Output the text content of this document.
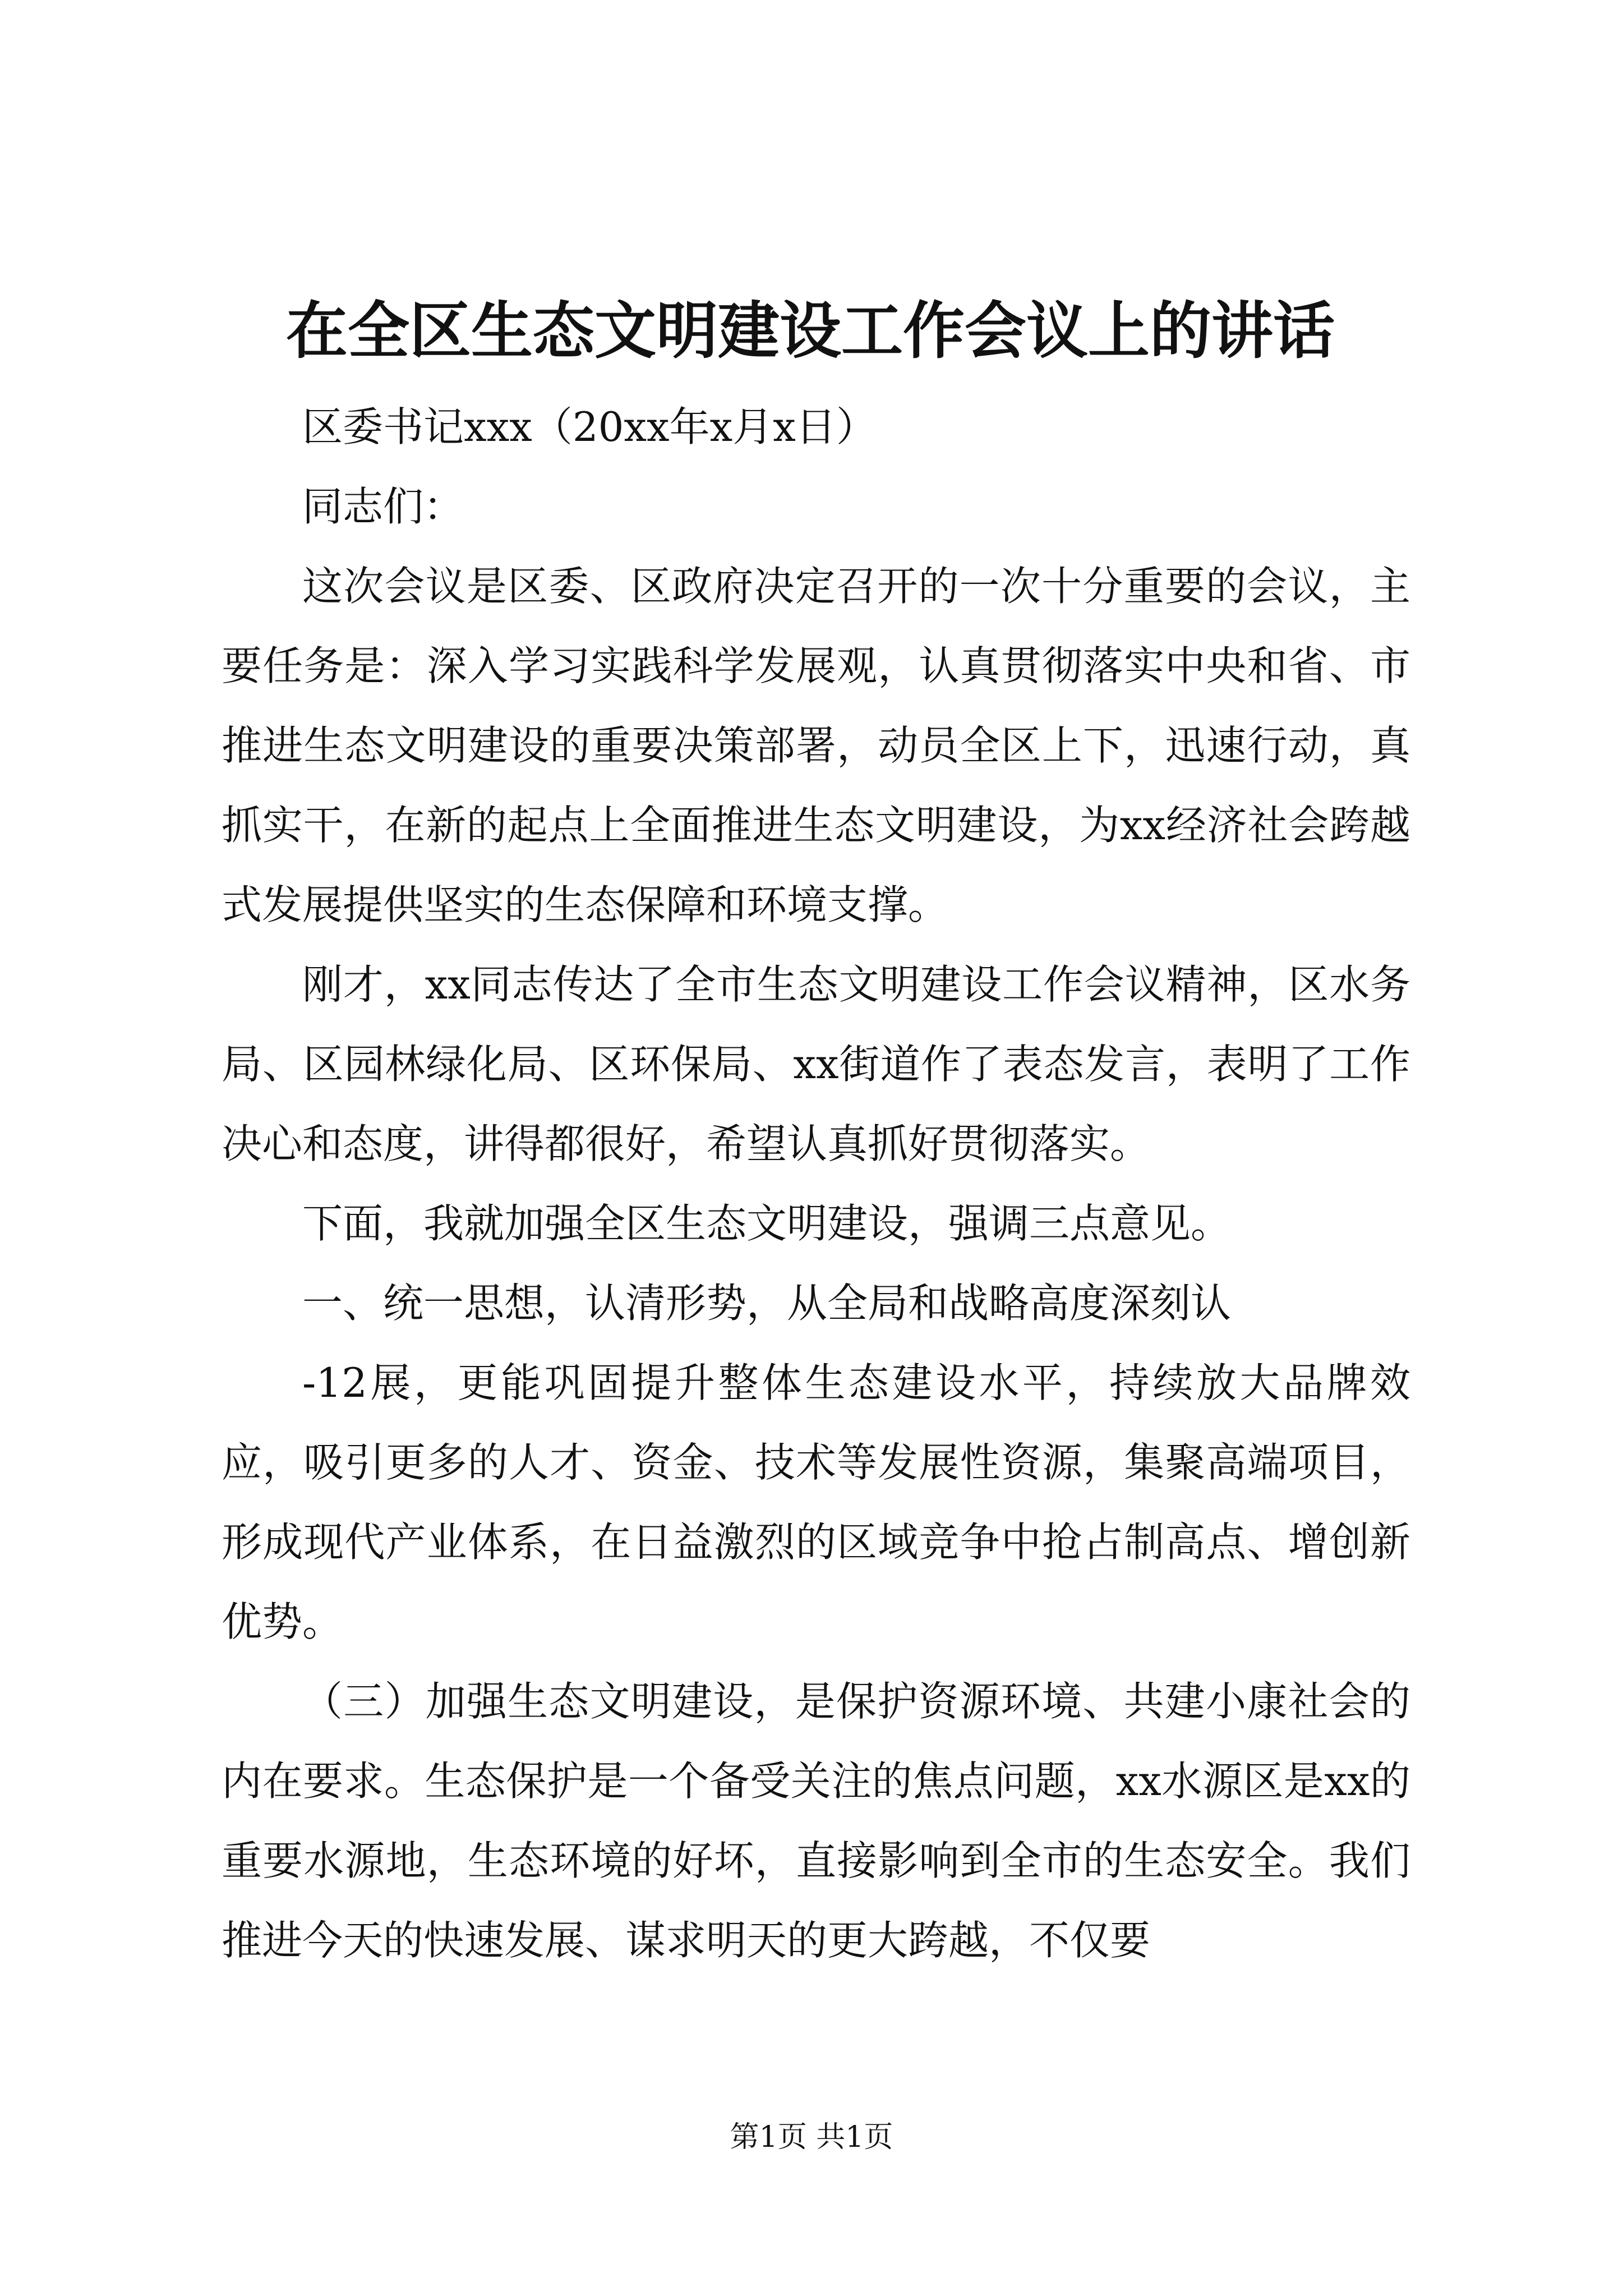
在全区生态文明建设工作会议上的讲话

区委书记xxx（20xx年x月x日）

同志们：

这次会议是区委、区政府决定召开的一次十分重要的会议，主要任务是：深入学习实践科学发展观，认真贯彻落实中央和省、市推进生态文明建设的重要决策部署，动员全区上下，迅速行动，真抓实干，在新的起点上全面推进生态文明建设，为xx经济社会跨越式发展提供坚实的生态保障和环境支撑。

刚才，xx同志传达了全市生态文明建设工作会议精神，区水务局、区园林绿化局、区环保局、xx街道作了表态发言，表明了工作决心和态度，讲得都很好，希望认真抓好贯彻落实。

下面，我就加强全区生态文明建设，强调三点意见。

一、统一思想，认清形势，从全局和战略高度深刻认

-12展，更能巩固提升整体生态建设水平，持续放大品牌效应，吸引更多的人才、资金、技术等发展性资源，集聚高端项目，形成现代产业体系，在日益激烈的区域竞争中抢占制高点、增创新优势。

（三）加强生态文明建设，是保护资源环境、共建小康社会的内在要求。生态保护是一个备受关注的焦点问题，xx水源区是xx的重要水源地，生态环境的好坏，直接影响到全市的生态安全。我们推进今天的快速发展、谋求明天的更大跨越，不仅要

第1页 共1页
